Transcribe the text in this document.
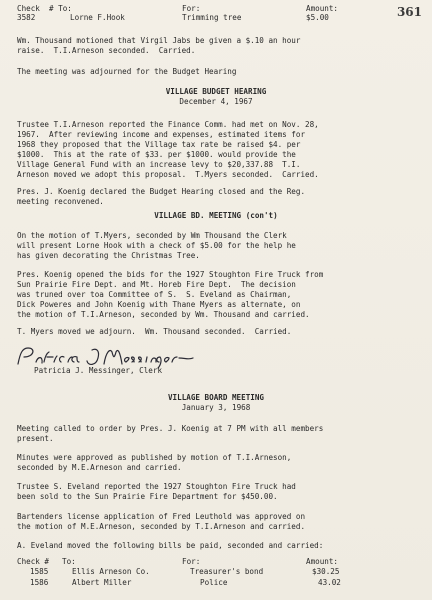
361
Check  # To:	For:	Amount:
3582	Lorne F.Hook	Trimming tree	$5.00
Wm. Thousand motioned that Virgil Jabs be given a $.10 an hour
raise.  T.I.Arneson seconded.  Carried.
The meeting was adjourned for the Budget Hearing
VILLAGE BUDGET HEARING
December 4, 1967
Trustee T.I.Arneson reported the Finance Comm. had met on Nov. 28,
1967.  After reviewing income and expenses, estimated items for
1968 they proposed that the Village tax rate be raised $4. per
$1000.  This at the rate of $33. per $1000. would provide the
Village General Fund with an increase levy to $20,337.88  T.I.
Arneson moved we adopt this proposal.  T.Myers seconded.  Carried.
Pres. J. Koenig declared the Budget Hearing closed and the Reg.
meeting reconvened.
VILLAGE BD. MEETING (con't)
On the motion of T.Myers, seconded by Wm Thousand the Clerk
will present Lorne Hook with a check of $5.00 for the help he
has given decorating the Christmas Tree.
Pres. Koenig opened the bids for the 1927 Stoughton Fire Truck from
Sun Prairie Fire Dept. and Mt. Horeb Fire Dept.  The decision
was truned over toa Committee of S.  S. Eveland as Chairman,
Dick Poweres and John Koenig with Thane Myers as alternate, on
the motion of T.I.Arneson, seconded by Wm. Thousand and carried.
T. Myers moved we adjourn.  Wm. Thousand seconded.  Carried.
Patricia J. Messinger, Clerk
VILLAGE BOARD MEETING
January 3, 1968
Meeting called to order by Pres. J. Koenig at 7 PM with all members
present.
Minutes were approved as published by motion of T.I.Arneson,
seconded by M.E.Arneson and carried.
Trustee S. Eveland reported the 1927 Stoughton Fire Truck had
been sold to the Sun Prairie Fire Department for $450.00.
Bartenders license application of Fred Leuthold was approved on
the motion of M.E.Arneson, seconded by T.I.Arneson and carried.
A. Eveland moved the following bills be paid, seconded and carried:
Check # To:	For:	Amount:
1585	Ellis Arneson Co.	Treasurer's bond	$30.25
1586	Albert Miller	Police	43.02
